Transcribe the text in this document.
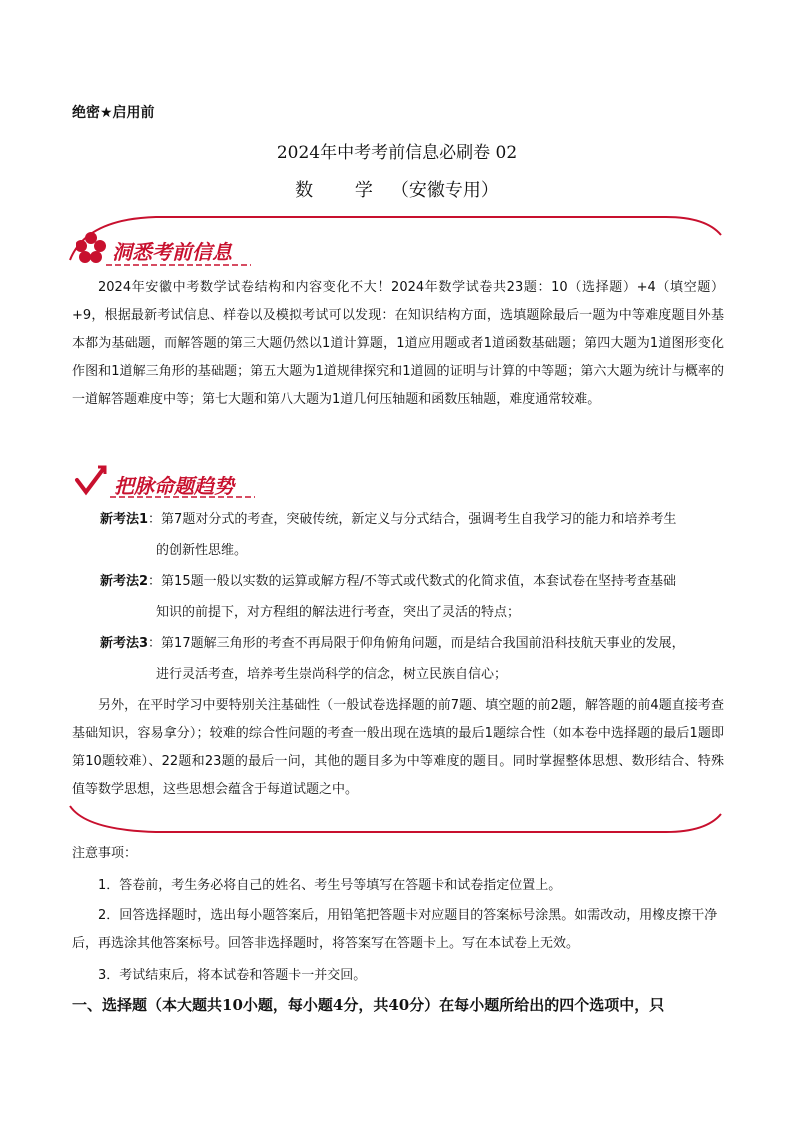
绝密★启用前
2024年中考考前信息必刷卷 02
数 学（安徽专用）
洞悉考前信息
2024年安徽中考数学试卷结构和内容变化不大！2024年数学试卷共23题：10（选择题）+4（填空题）+9，根据最新考试信息、样卷以及模拟考试可以发现：在知识结构方面，选填题除最后一题为中等难度题目外基本都为基础题，而解答题的第三大题仍然以1道计算题，1道应用题或者1道函数基础题；第四大题为1道图形变化作图和1道解三角形的基础题；第五大题为1道规律探究和1道圆的证明与计算的中等题；第六大题为统计与概率的一道解答题难度中等；第七大题和第八大题为1道几何压轴题和函数压轴题，难度通常较难。
把脉命题趋势
新考法1：第7题对分式的考查，突破传统，新定义与分式结合，强调考生自我学习的能力和培养考生
的创新性思维。
新考法2：第15题一般以实数的运算或解方程/不等式或代数式的化简求值，本套试卷在坚持考查基础
知识的前提下，对方程组的解法进行考查，突出了灵活的特点；
新考法3：第17题解三角形的考查不再局限于仰角俯角问题，而是结合我国前沿科技航天事业的发展，
进行灵活考查，培养考生崇尚科学的信念，树立民族自信心；
另外，在平时学习中要特别关注基础性（一般试卷选择题的前7题、填空题的前2题，解答题的前4题直接考查基础知识，容易拿分）；较难的综合性问题的考查一般出现在选填的最后1题综合性（如本卷中选择题的最后1题即第10题较难）、22题和23题的最后一问，其他的题目多为中等难度的题目。同时掌握整体思想、数形结合、特殊值等数学思想，这些思想会蕴含于每道试题之中。
注意事项：
1．答卷前，考生务必将自己的姓名、考生号等填写在答题卡和试卷指定位置上。
2．回答选择题时，选出每小题答案后，用铅笔把答题卡对应题目的答案标号涂黑。如需改动，用橡皮擦干净后，再选涂其他答案标号。回答非选择题时，将答案写在答题卡上。写在本试卷上无效。
3．考试结束后，将本试卷和答题卡一并交回。
一、选择题（本大题共10小题，每小题4分，共40分）在每小题所给出的四个选项中，只
